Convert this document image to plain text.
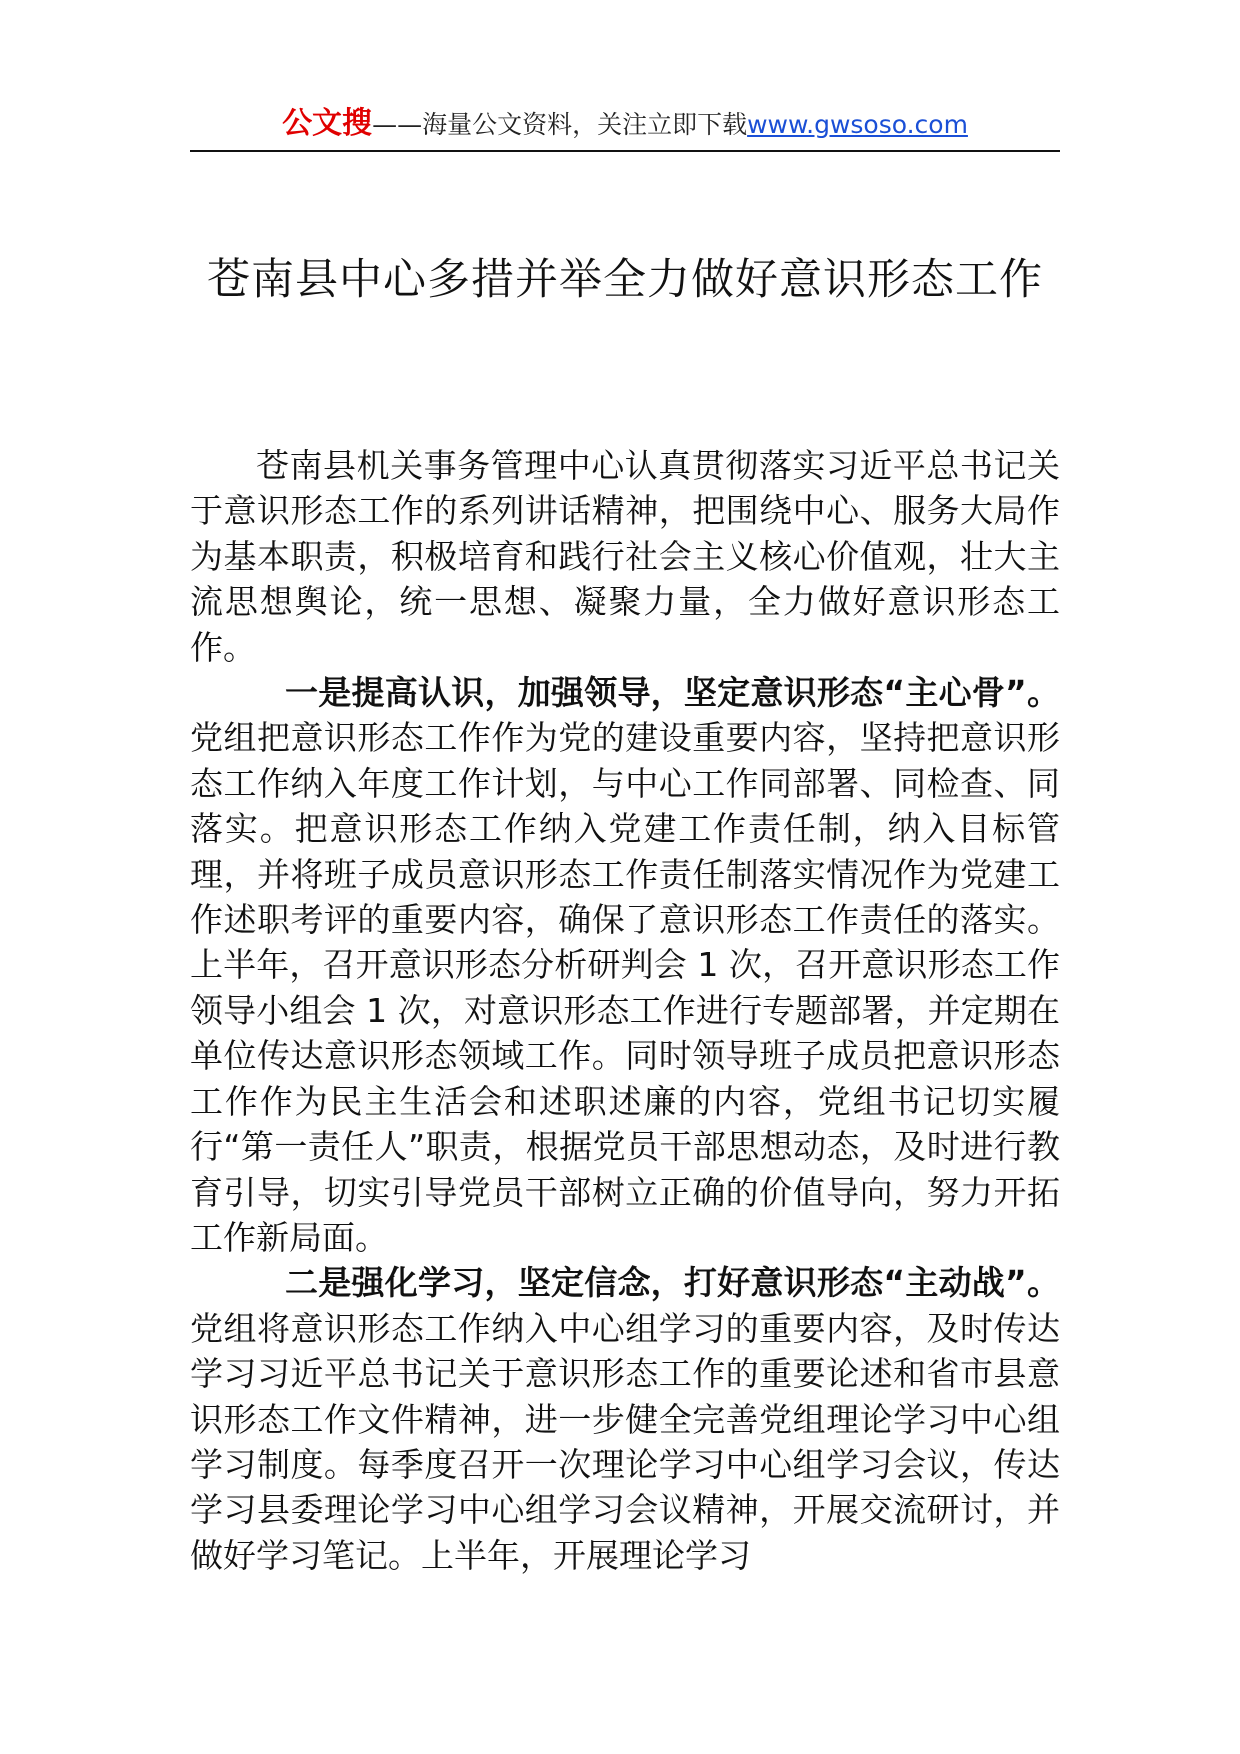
公文搜——海量公文资料，关注立即下载www.gwsoso.com
苍南县中心多措并举全力做好意识形态工作

苍南县机关事务管理中心认真贯彻落实习近平总书记关于意识形态工作的系列讲话精神，把围绕中心、服务大局作为基本职责，积极培育和践行社会主义核心价值观，壮大主流思想舆论，统一思想、凝聚力量，全力做好意识形态工作。

一是提高认识，加强领导，坚定意识形态“主心骨”。党组把意识形态工作作为党的建设重要内容，坚持把意识形态工作纳入年度工作计划，与中心工作同部署、同检查、同落实。把意识形态工作纳入党建工作责任制，纳入目标管理，并将班子成员意识形态工作责任制落实情况作为党建工作述职考评的重要内容，确保了意识形态工作责任的落实。上半年，召开意识形态分析研判会 1 次，召开意识形态工作领导小组会 1 次，对意识形态工作进行专题部署，并定期在单位传达意识形态领域工作。同时领导班子成员把意识形态工作作为民主生活会和述职述廉的内容，党组书记切实履行“第一责任人”职责，根据党员干部思想动态，及时进行教育引导，切实引导党员干部树立正确的价值导向，努力开拓工作新局面。

二是强化学习，坚定信念，打好意识形态“主动战”。党组将意识形态工作纳入中心组学习的重要内容，及时传达学习习近平总书记关于意识形态工作的重要论述和省市县意识形态工作文件精神，进一步健全完善党组理论学习中心组学习制度。每季度召开一次理论学习中心组学习会议，传达学习县委理论学习中心组学习会议精神，开展交流研讨，并做好学习笔记。上半年，开展理论学习
